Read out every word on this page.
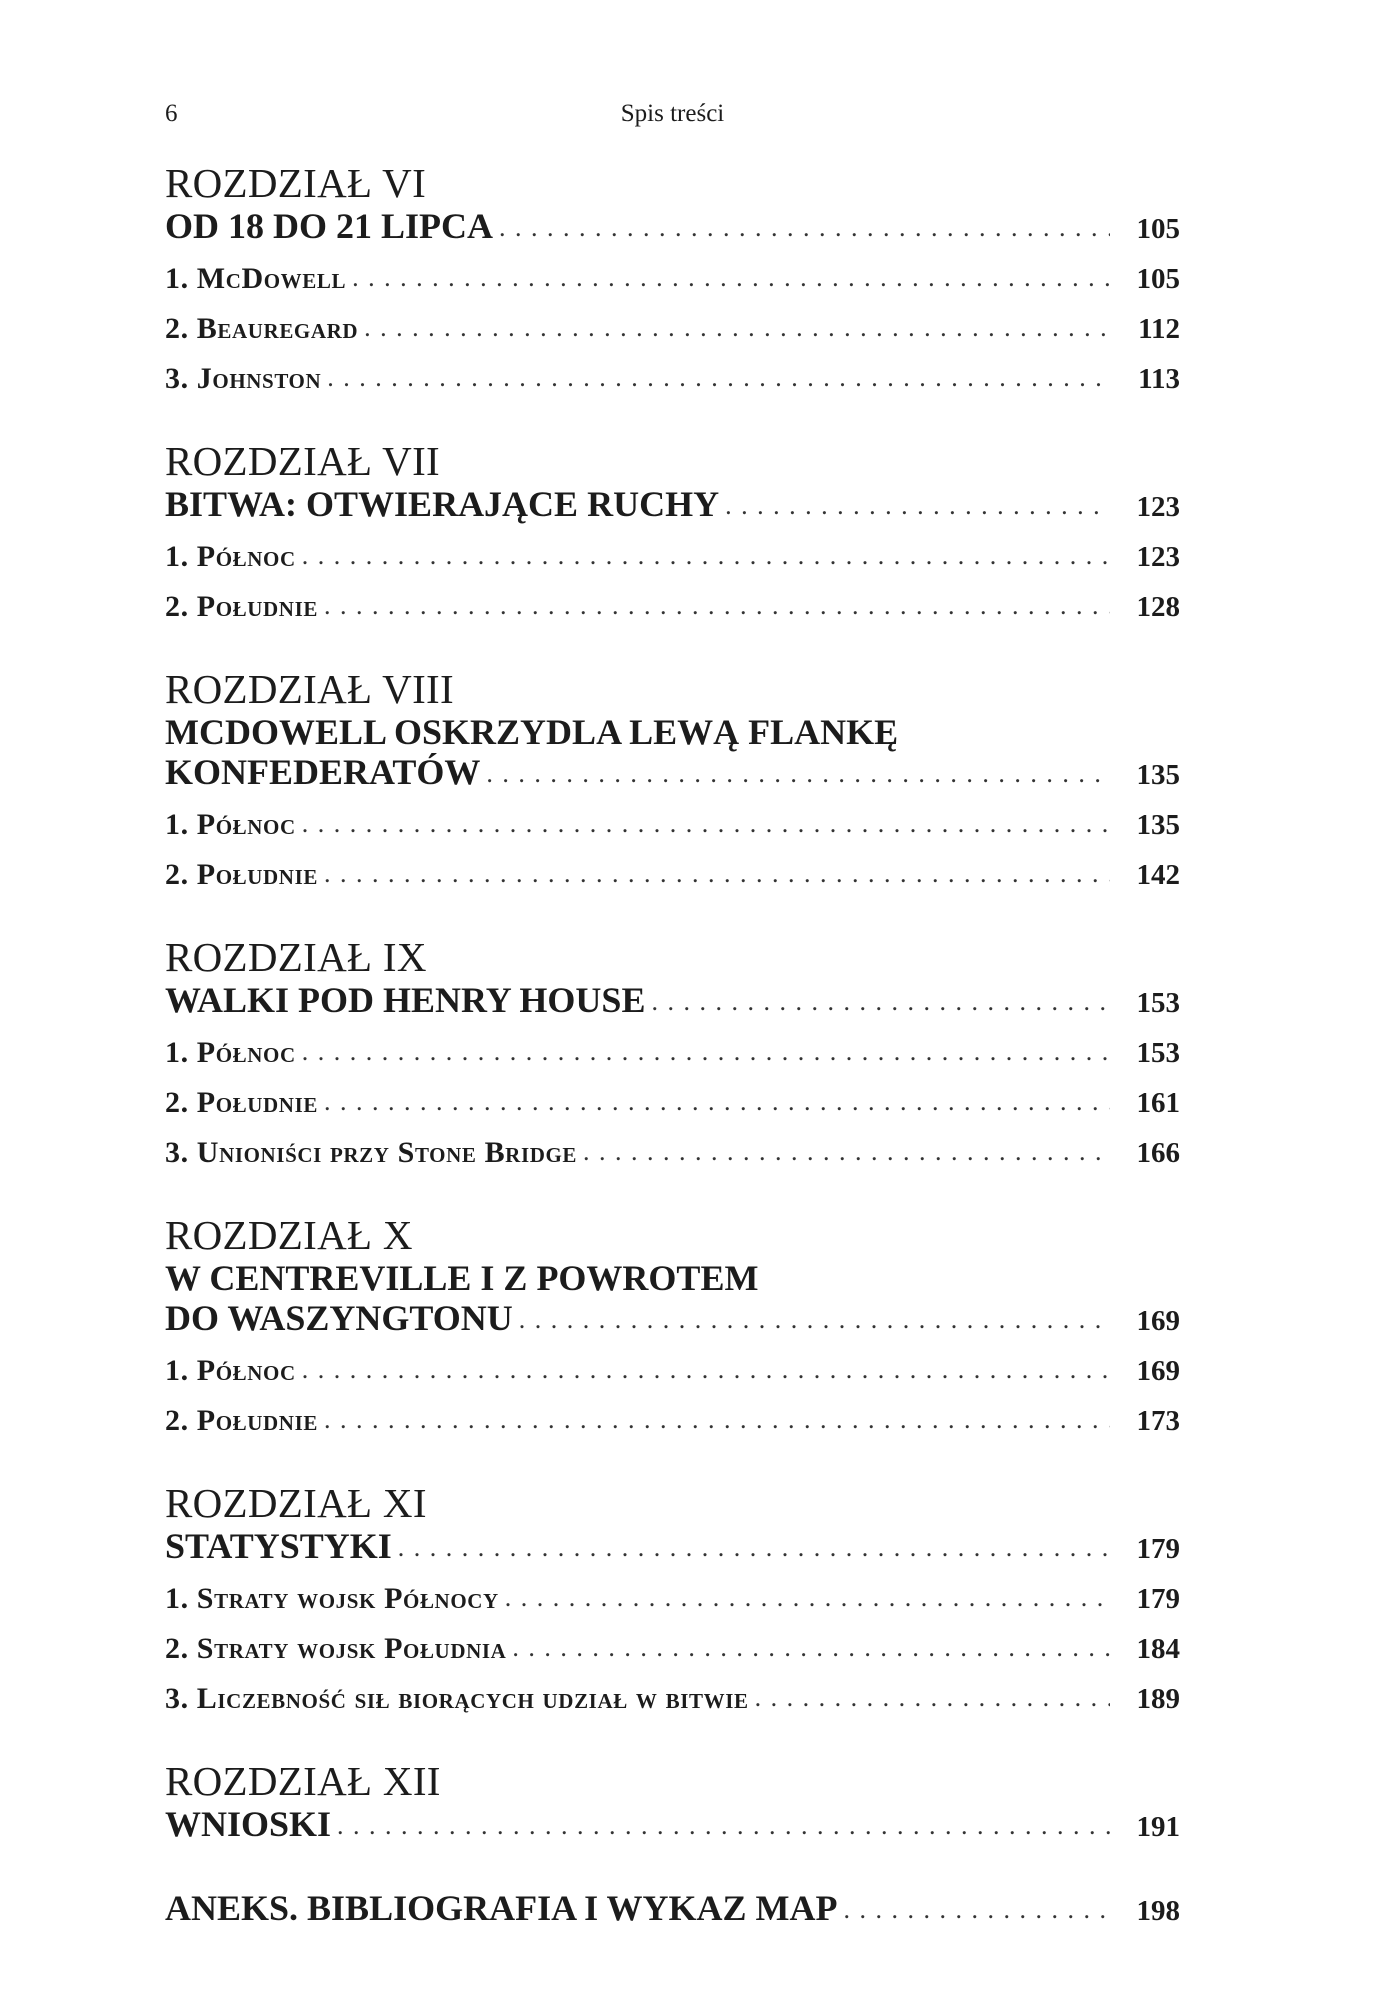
6	Spis treści
ROZDZIAŁ VI
OD 18 DO 21 LIPCA . . .	105
1. McDowell . . .	105
2. Beauregard . . .	112
3. Johnston . . .	113
ROZDZIAŁ VII
BITWA: OTWIERAJĄCE RUCHY . . .	123
1. Północ . . .	123
2. Południe . . .	128
ROZDZIAŁ VIII
MCDOWELL OSKRZYDLA LEWĄ FLANKĘ
KONFEDERATÓW . . .	135
1. Północ . . .	135
2. Południe . . .	142
ROZDZIAŁ IX
WALKI POD HENRY HOUSE . . .	153
1. Północ . . .	153
2. Południe . . .	161
3. Unioniści przy Stone Bridge . . .	166
ROZDZIAŁ X
W CENTREVILLE I Z POWROTEM
DO WASZYNGTONU . . .	169
1. Północ . . .	169
2. Południe . . .	173
ROZDZIAŁ XI
STATYSTYKI . . .	179
1. Straty wojsk Północy . . .	179
2. Straty wojsk Południa . . .	184
3. Liczebność sił biorących udział w bitwie . . .	189
ROZDZIAŁ XII
WNIOSKI . . .	191
ANEKS. BIBLIOGRAFIA I WYKAZ MAP . . .	198
